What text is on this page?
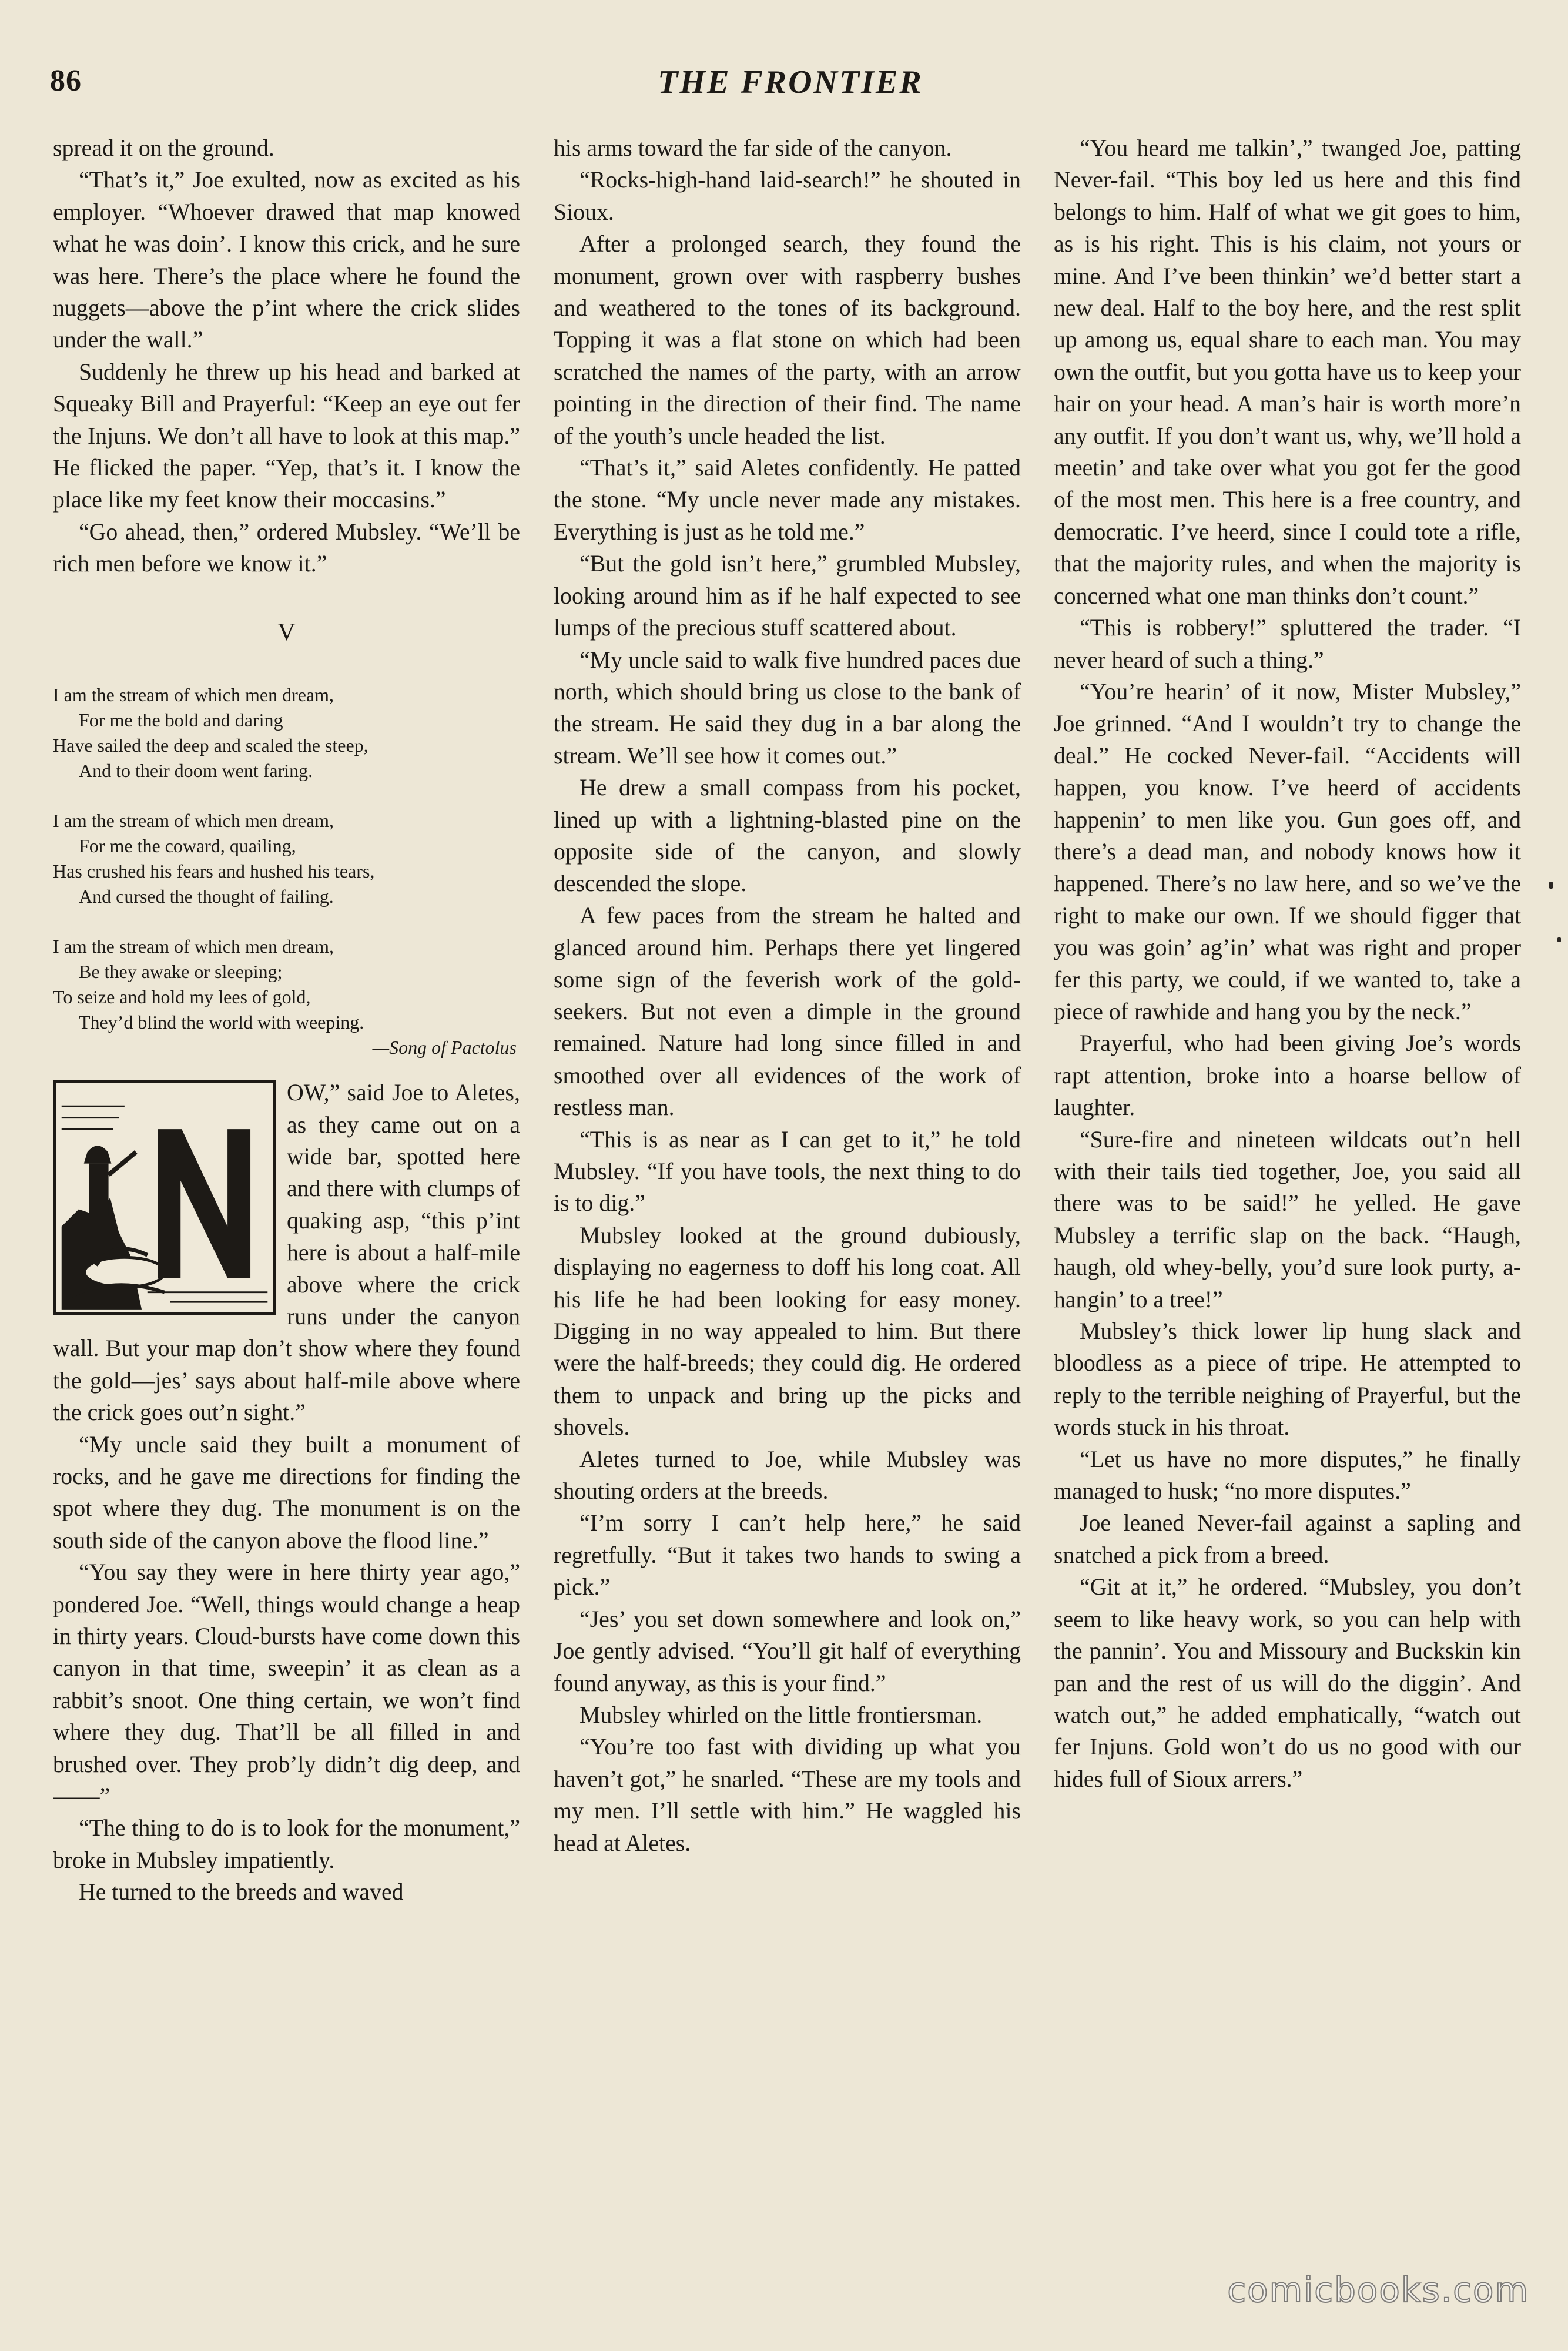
86	THE FRONTIER

spread it on the ground.

“That’s it,” Joe exulted, now as excited as his employer. “Whoever drawed that map knowed what he was doin’. I know this crick, and he sure was here. There’s the place where he found the nuggets—above the p’int where the crick slides under the wall.”

Suddenly he threw up his head and barked at Squeaky Bill and Prayerful: “Keep an eye out fer the Injuns. We don’t all have to look at this map.” He flicked the paper. “Yep, that’s it. I know the place like my feet know their moccasins.”

“Go ahead, then,” ordered Mubsley. “We’ll be rich men before we know it.”

V
I am the stream of which men dream,
For me the bold and daring
Have sailed the deep and scaled the steep,
And to their doom went faring.
I am the stream of which men dream,
For me the coward, quailing,
Has crushed his fears and hushed his tears,
And cursed the thought of failing.
I am the stream of which men dream,
Be they awake or sleeping;
To seize and hold my lees of gold,
They’d blind the world with weeping.
—Song of Pactolus

OW,” said Joe to Aletes, as they came out on a wide bar, spotted here and there with clumps of quaking asp, “this p’int here is about a half-mile above where the crick runs under the canyon wall. But your map don’t show where they found the gold—jes’ says about half-mile above where the crick goes out’n sight.”

“My uncle said they built a monument of rocks, and he gave me directions for finding the spot where they dug. The monument is on the south side of the canyon above the flood line.”

“You say they were in here thirty year ago,” pondered Joe. “Well, things would change a heap in thirty years. Cloud-bursts have come down this canyon in that time, sweepin’ it as clean as a rabbit’s snoot. One thing certain, we won’t find where they dug. That’ll be all filled in and brushed over. They prob’ly didn’t dig deep, and——”

“The thing to do is to look for the monument,” broke in Mubsley impatiently.

He turned to the breeds and waved

his arms toward the far side of the canyon.

“Rocks-high-hand laid-search!” he shouted in Sioux.

After a prolonged search, they found the monument, grown over with raspberry bushes and weathered to the tones of its background. Topping it was a flat stone on which had been scratched the names of the party, with an arrow pointing in the direction of their find. The name of the youth’s uncle headed the list.

“That’s it,” said Aletes confidently. He patted the stone. “My uncle never made any mistakes. Everything is just as he told me.”

“But the gold isn’t here,” grumbled Mubsley, looking around him as if he half expected to see lumps of the precious stuff scattered about.

“My uncle said to walk five hundred paces due north, which should bring us close to the bank of the stream. He said they dug in a bar along the stream. We’ll see how it comes out.”

He drew a small compass from his pocket, lined up with a lightning-blasted pine on the opposite side of the canyon, and slowly descended the slope.

A few paces from the stream he halted and glanced around him. Perhaps there yet lingered some sign of the feverish work of the gold-seekers. But not even a dimple in the ground remained. Nature had long since filled in and smoothed over all evidences of the work of restless man.

“This is as near as I can get to it,” he told Mubsley. “If you have tools, the next thing to do is to dig.”

Mubsley looked at the ground dubiously, displaying no eagerness to doff his long coat. All his life he had been looking for easy money. Digging in no way appealed to him. But there were the half-breeds; they could dig. He ordered them to unpack and bring up the picks and shovels.

Aletes turned to Joe, while Mubsley was shouting orders at the breeds.

“I’m sorry I can’t help here,” he said regretfully. “But it takes two hands to swing a pick.”

“Jes’ you set down somewhere and look on,” Joe gently advised. “You’ll git half of everything found anyway, as this is your find.”

Mubsley whirled on the little frontiersman.

“You’re too fast with dividing up what you haven’t got,” he snarled. “These are my tools and my men. I’ll settle with him.” He waggled his head at Aletes.

“You heard me talkin’,” twanged Joe, patting Never-fail. “This boy led us here and this find belongs to him. Half of what we git goes to him, as is his right. This is his claim, not yours or mine. And I’ve been thinkin’ we’d better start a new deal. Half to the boy here, and the rest split up among us, equal share to each man. You may own the outfit, but you gotta have us to keep your hair on your head. A man’s hair is worth more’n any outfit. If you don’t want us, why, we’ll hold a meetin’ and take over what you got fer the good of the most men. This here is a free country, and democratic. I’ve heerd, since I could tote a rifle, that the majority rules, and when the majority is concerned what one man thinks don’t count.”

“This is robbery!” spluttered the trader. “I never heard of such a thing.”

“You’re hearin’ of it now, Mister Mubsley,” Joe grinned. “And I wouldn’t try to change the deal.” He cocked Never-fail. “Accidents will happen, you know. I’ve heerd of accidents happenin’ to men like you. Gun goes off, and there’s a dead man, and nobody knows how it happened. There’s no law here, and so we’ve the right to make our own. If we should figger that you was goin’ ag’in’ what was right and proper fer this party, we could, if we wanted to, take a piece of rawhide and hang you by the neck.”

Prayerful, who had been giving Joe’s words rapt attention, broke into a hoarse bellow of laughter.

“Sure-fire and nineteen wildcats out’n hell with their tails tied together, Joe, you said all there was to be said!” he yelled. He gave Mubsley a terrific slap on the back. “Haugh, haugh, old whey-belly, you’d sure look purty, a-hangin’ to a tree!”

Mubsley’s thick lower lip hung slack and bloodless as a piece of tripe. He attempted to reply to the terrible neighing of Prayerful, but the words stuck in his throat.

“Let us have no more disputes,” he finally managed to husk; “no more disputes.”

Joe leaned Never-fail against a sapling and snatched a pick from a breed.

“Git at it,” he ordered. “Mubsley, you don’t seem to like heavy work, so you can help with the pannin’. You and Missoury and Buckskin kin pan and the rest of us will do the diggin’. And watch out,” he added emphatically, “watch out fer Injuns. Gold won’t do us no good with our hides full of Sioux arrers.”

comicbooks.com
